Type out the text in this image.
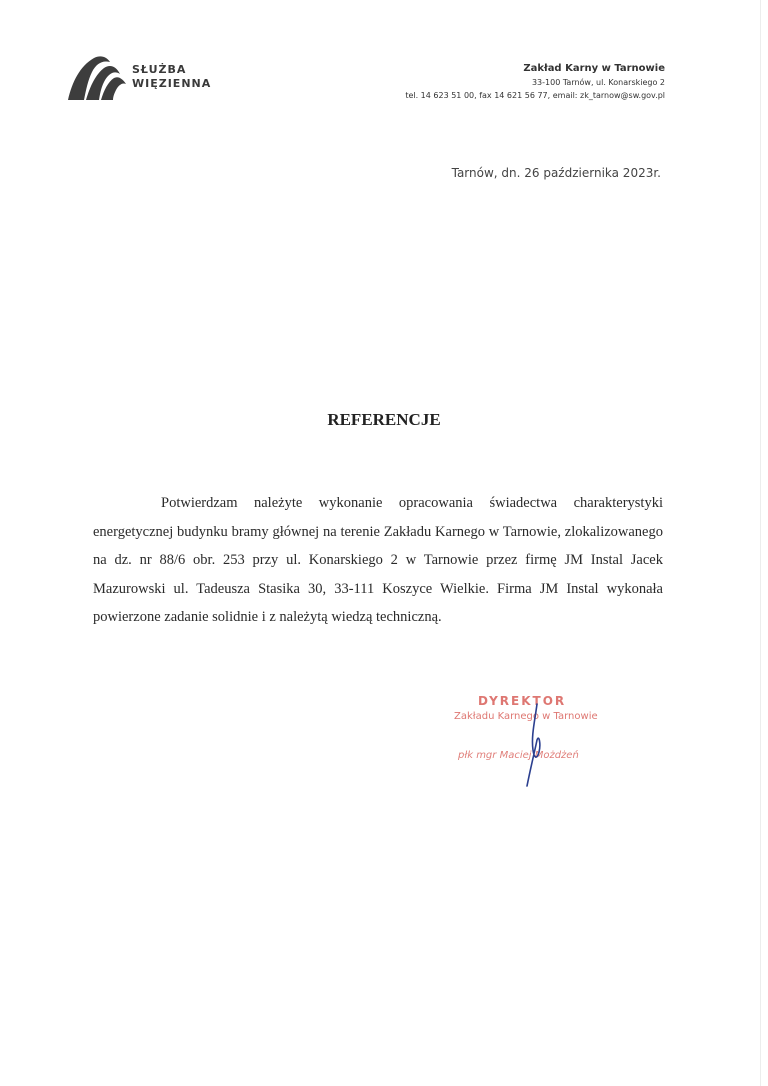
SŁUŻBA
WIĘZIENNA
Zakład Karny w Tarnowie
33-100 Tarnów, ul. Konarskiego 2
tel. 14 623 51 00, fax 14 621 56 77, email: zk_tarnow@sw.gov.pl
Tarnów, dn. 26 października 2023r.
REFERENCJE

Potwierdzam należyte wykonanie opracowania świadectwa charakterystyki energetycznej budynku bramy głównej na terenie Zakładu Karnego w Tarnowie, zlokalizowanego na dz. nr 88/6 obr. 253 przy ul. Konarskiego 2 w Tarnowie przez firmę JM Instal Jacek Mazurowski ul. Tadeusza Stasika 30, 33-111 Koszyce Wielkie. Firma JM Instal wykonała powierzone zadanie solidnie i z należytą wiedzą techniczną.

DYREKTOR
Zakładu Karnego w Tarnowie
płk mgr Maciej Możdżeń
